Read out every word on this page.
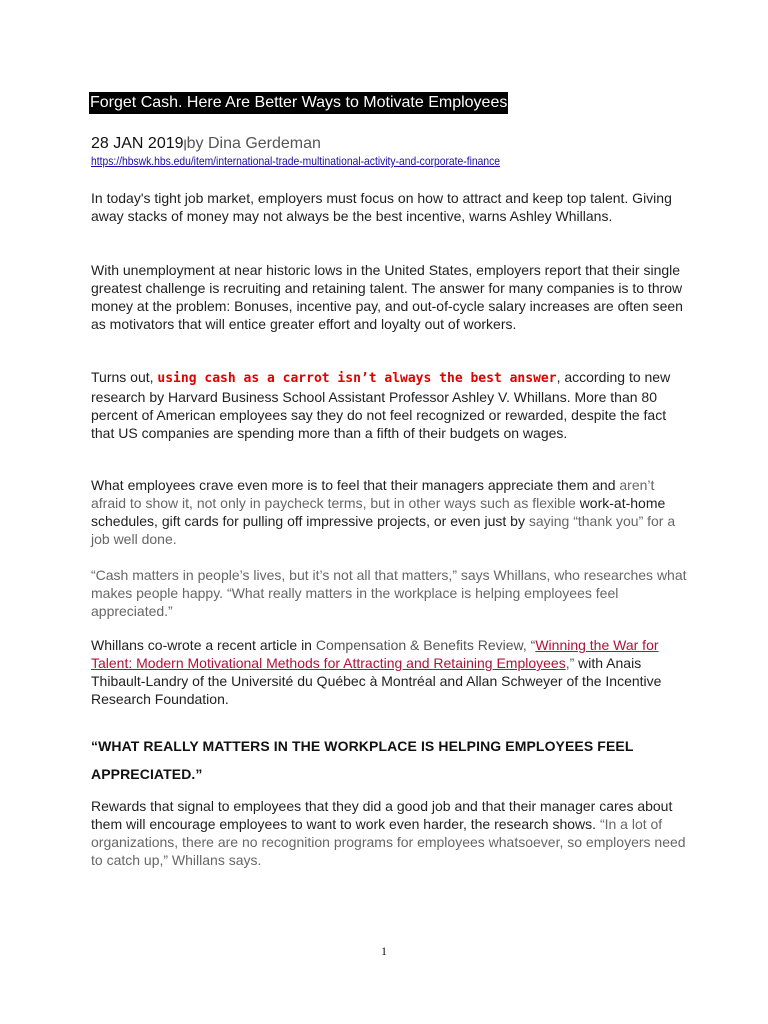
Forget Cash. Here Are Better Ways to Motivate Employees
28 JAN 2019|by Dina Gerdeman
https://hbswk.hbs.edu/item/international-trade-multinational-activity-and-corporate-finance

In today's tight job market, employers must focus on how to attract and keep top talent. Giving away stacks of money may not always be the best incentive, warns Ashley Whillans.

With unemployment at near historic lows in the United States, employers report that their single greatest challenge is recruiting and retaining talent. The answer for many companies is to throw money at the problem: Bonuses, incentive pay, and out-of-cycle salary increases are often seen as motivators that will entice greater effort and loyalty out of workers.

Turns out, using cash as a carrot isn’t always the best answer, according to new research by Harvard Business School Assistant Professor Ashley V. Whillans. More than 80 percent of American employees say they do not feel recognized or rewarded, despite the fact that US companies are spending more than a fifth of their budgets on wages.

What employees crave even more is to feel that their managers appreciate them and aren’t afraid to show it, not only in paycheck terms, but in other ways such as flexible work-at-home schedules, gift cards for pulling off impressive projects, or even just by saying “thank you” for a job well done.

“Cash matters in people’s lives, but it’s not all that matters,” says Whillans, who researches what makes people happy. “What really matters in the workplace is helping employees feel appreciated.”

Whillans co-wrote a recent article in Compensation & Benefits Review, “Winning the War for Talent: Modern Motivational Methods for Attracting and Retaining Employees,” with Anais Thibault-Landry of the Université du Québec à Montréal and Allan Schweyer of the Incentive Research Foundation.

“WHAT REALLY MATTERS IN THE WORKPLACE IS HELPING EMPLOYEES FEEL APPRECIATED.”

Rewards that signal to employees that they did a good job and that their manager cares about them will encourage employees to want to work even harder, the research shows. “In a lot of organizations, there are no recognition programs for employees whatsoever, so employers need to catch up,” Whillans says.

1
